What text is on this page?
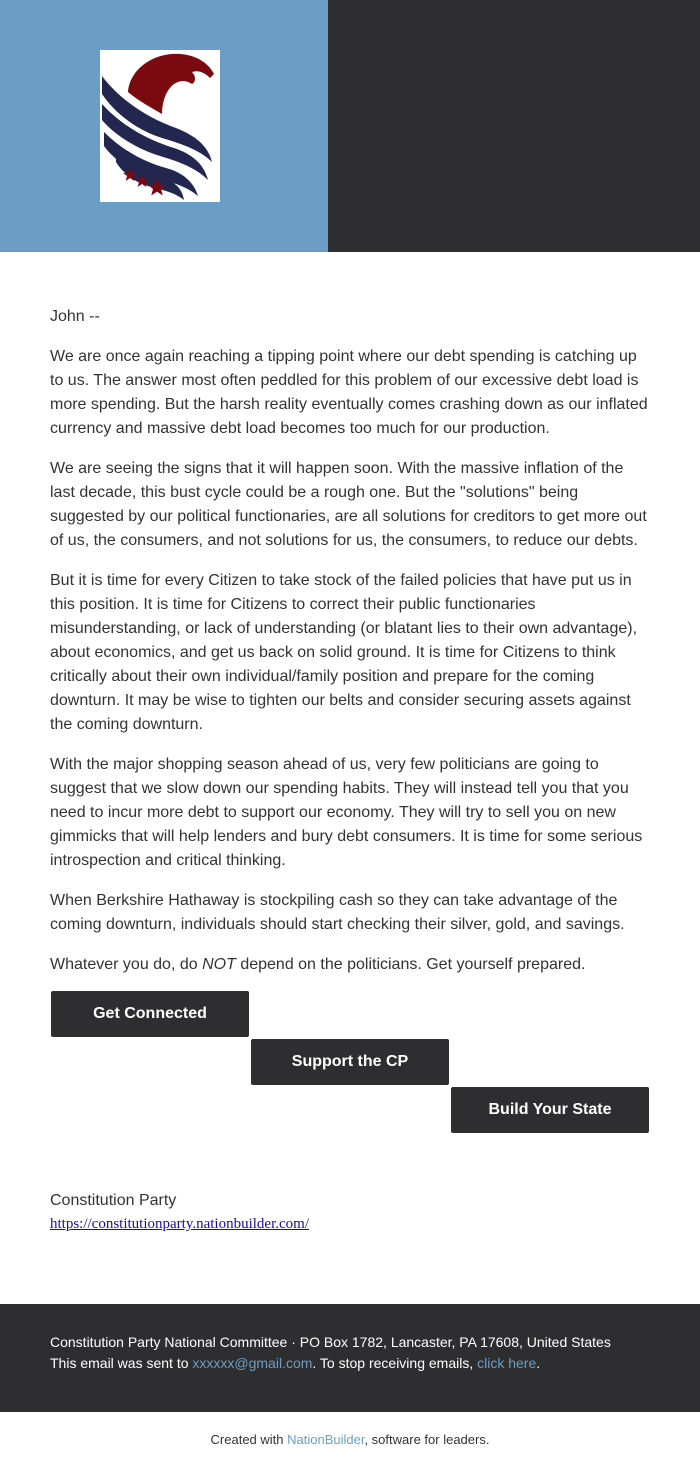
John --

We are once again reaching a tipping point where our debt spending is catching up to us. The answer most often peddled for this problem of our excessive debt load is more spending. But the harsh reality eventually comes crashing down as our inflated currency and massive debt load becomes too much for our production.

We are seeing the signs that it will happen soon. With the massive inflation of the last decade, this bust cycle could be a rough one. But the "solutions" being suggested by our political functionaries, are all solutions for creditors to get more out of us, the consumers, and not solutions for us, the consumers, to reduce our debts.

But it is time for every Citizen to take stock of the failed policies that have put us in this position. It is time for Citizens to correct their public functionaries misunderstanding, or lack of understanding (or blatant lies to their own advantage), about economics, and get us back on solid ground. It is time for Citizens to think critically about their own individual/family position and prepare for the coming downturn. It may be wise to tighten our belts and consider securing assets against the coming downturn.

With the major shopping season ahead of us, very few politicians are going to suggest that we slow down our spending habits. They will instead tell you that you need to incur more debt to support our economy. They will try to sell you on new gimmicks that will help lenders and bury debt consumers. It is time for some serious introspection and critical thinking.

When Berkshire Hathaway is stockpiling cash so they can take advantage of the coming downturn, individuals should start checking their silver, gold, and savings.

Whatever you do, do NOT depend on the politicians. Get yourself prepared.

Get Connected
Support the CP
Build Your State

Constitution Party

https://constitutionparty.nationbuilder.com/

Constitution Party National Committee · PO Box 1782, Lancaster, PA 17608, United States

This email was sent to xxxxxx@gmail.com. To stop receiving emails, click here.

Created with NationBuilder, software for leaders.
